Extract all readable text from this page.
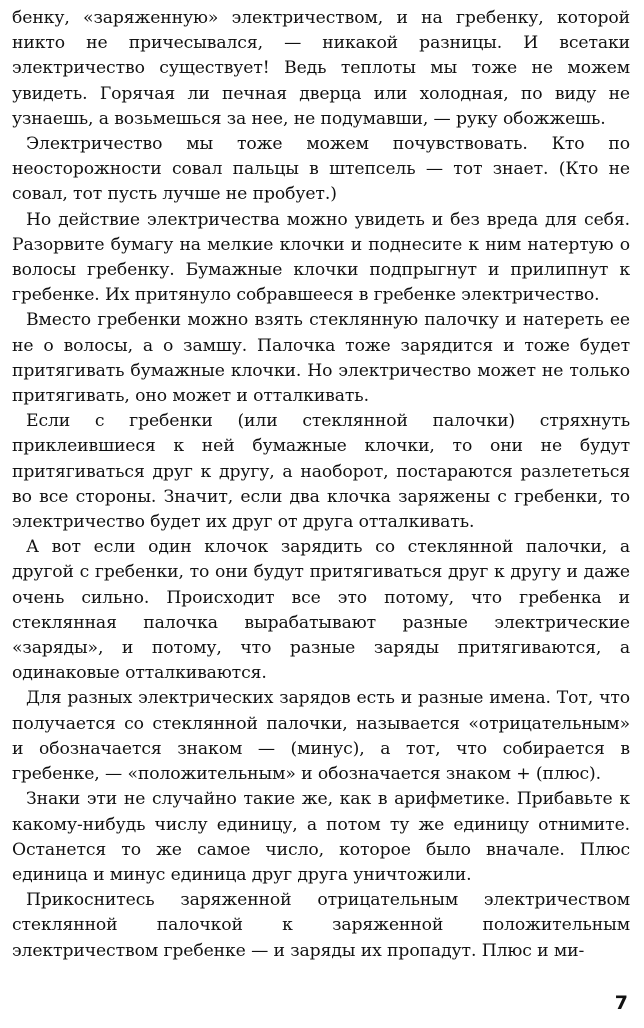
бенку, «заряженную» электричеством, и на гребенку, которой никто не причесывался, — никакой разницы. И всетаки электричество существует! Ведь теплоты мы тоже не можем увидеть. Горячая ли печная дверца или холодная, по виду не узнаешь, а возьмешься за нее, не подумавши, — руку обожжешь.

Электричество мы тоже можем почувствовать. Кто по неосторожности совал пальцы в штепсель — тот знает. (Кто не совал, тот пусть лучше не пробует.)

Но действие электричества можно увидеть и без вреда для себя. Разорвите бумагу на мелкие клочки и поднесите к ним натертую о волосы гребенку. Бумажные клочки подпрыгнут и прилипнут к гребенке. Их притянуло собравшееся в гребенке электричество.

Вместо гребенки можно взять стеклянную палочку и натереть ее не о волосы, а о замшу. Палочка тоже зарядится и тоже будет притягивать бумажные клочки. Но электричество может не только притягивать, оно может и отталкивать.

Если с гребенки (или стеклянной палочки) стряхнуть приклеившиеся к ней бумажные клочки, то они не будут притягиваться друг к другу, а наоборот, постараются разлететься во все стороны. Значит, если два клочка заряжены с гребенки, то электричество будет их друг от друга отталкивать.

А вот если один клочок зарядить со стеклянной палочки, а другой с гребенки, то они будут притягиваться друг к другу и даже очень сильно. Происходит все это потому, что гребенка и стеклянная палочка вырабатывают разные электрические «заряды», и потому, что разные заряды притягиваются, а одинаковые отталкиваются.

Для разных электрических зарядов есть и разные имена. Тот, что получается со стеклянной палочки, называется «отрицательным» и обозначается знаком — (минус), а тот, что собирается в гребенке, — «положительным» и обозначается знаком + (плюс).

Знаки эти не случайно такие же, как в арифметике. Прибавьте к какому-нибудь числу единицу, а потом ту же единицу отнимите. Останется то же самое число, которое было вначале. Плюс единица и минус единица друг друга уничтожили.

Прикоснитесь заряженной отрицательным электричеством стеклянной палочкой к заряженной положительным электричеством гребенке — и заряды их пропадут. Плюс и ми-

7
